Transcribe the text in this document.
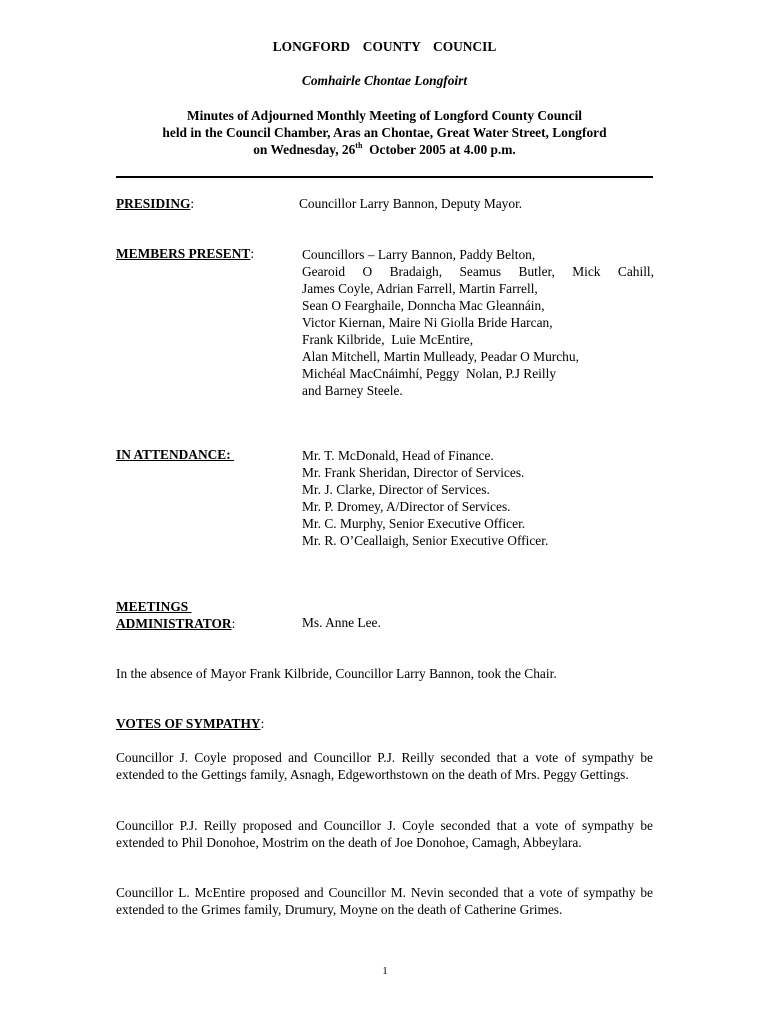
LONGFORD  COUNTY  COUNCIL
Comhairle Chontae Longfoirt
Minutes of Adjourned Monthly Meeting of Longford County Council
held in the Council Chamber, Aras an Chontae, Great Water Street, Longford
on Wednesday, 26th  October 2005 at 4.00 p.m.
PRESIDING:	Councillor Larry Bannon, Deputy Mayor.
MEMBERS PRESENT:	Councillors – Larry Bannon, Paddy Belton,
Gearoid O Bradaigh, Seamus Butler, Mick Cahill,
James Coyle, Adrian Farrell, Martin Farrell,
Sean O Fearghaile, Donncha Mac Gleannáin,
Victor Kiernan, Maire Ni Giolla Bride Harcan,
Frank Kilbride,  Luie McEntire,
Alan Mitchell, Martin Mulleady, Peadar O Murchu,
Michéal MacCnáimhí, Peggy  Nolan, P.J Reilly
and Barney Steele.
IN ATTENDANCE:	Mr. T. McDonald, Head of Finance.
Mr. Frank Sheridan, Director of Services.
Mr. J. Clarke, Director of Services.
Mr. P. Dromey, A/Director of Services.
Mr. C. Murphy, Senior Executive Officer.
Mr. R. O’Ceallaigh, Senior Executive Officer.
MEETINGS
ADMINISTRATOR:	Ms. Anne Lee.
In the absence of Mayor Frank Kilbride, Councillor Larry Bannon, took the Chair.
VOTES OF SYMPATHY:
Councillor J. Coyle proposed and Councillor P.J. Reilly seconded that a vote of sympathy be extended to the Gettings family, Asnagh, Edgeworthstown on the death of Mrs. Peggy Gettings.
Councillor P.J. Reilly proposed and Councillor J. Coyle seconded that a vote of sympathy be extended to Phil Donohoe, Mostrim on the death of Joe Donohoe, Camagh, Abbeylara.
Councillor L. McEntire proposed and Councillor M. Nevin seconded that a vote of sympathy be extended to the Grimes family, Drumury, Moyne on the death of Catherine Grimes.
1
